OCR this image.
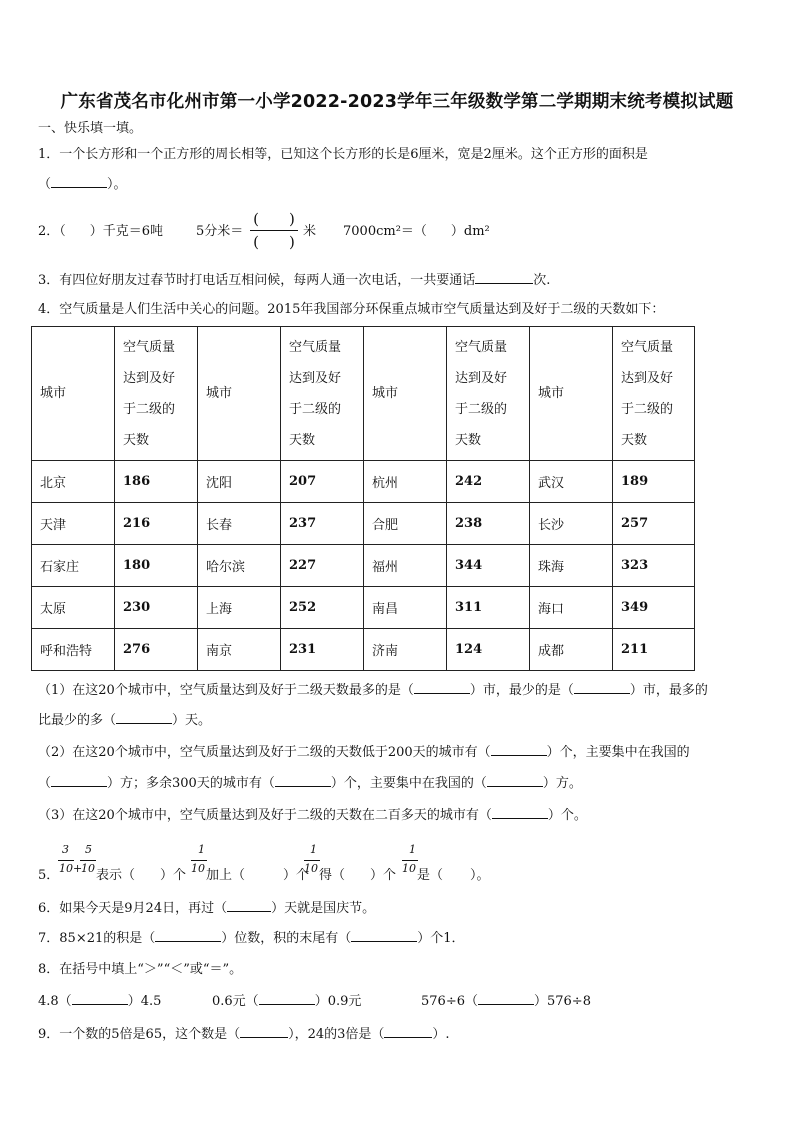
广东省茂名市化州市第一小学2022-2023学年三年级数学第二学期期末统考模拟试题
一、快乐填一填。
1．一个长方形和一个正方形的周长相等，已知这个长方形的长是6厘米，宽是2厘米。这个正方形的面积是
（	）。
2．（ ）千克＝6吨	5分米＝
(　　)
(　　)
米 7000cm²＝（ ）dm²
3．有四位好朋友过春节时打电话互相问候，每两人通一次电话，一共要通话	次.
4．空气质量是人们生活中关心的问题。2015年我国部分环保重点城市空气质量达到及好于二级的天数如下：
城市	空气质量
达到及好
于二级的
天数	城市	空气质量
达到及好
于二级的
天数	城市	空气质量
达到及好
于二级的
天数	城市	空气质量
达到及好
于二级的
天数
北京	186	沈阳	207	杭州	242	武汉	189
天津	216	长春	237	合肥	238	长沙	257
石家庄	180	哈尔滨	227	福州	344	珠海	323
太原	230	上海	252	南昌	311	海口	349
呼和浩特	276	南京	231	济南	124	成都	211
（1）在这20个城市中，空气质量达到及好于二级天数最多的是（	）市，最少的是（	）市，最多的
比最少的多（	）天。
（2）在这20个城市中，空气质量达到及好于二级的天数低于200天的城市有（	）个，主要集中在我国的
（	）方；多余300天的城市有（	）个，主要集中在我国的（	）方。
（3）在这20个城市中，空气质量达到及好于二级的天数在二百多天的城市有（	）个。
5．
3
10 +
5
10 表示（ ）个
1
10 加上（	）个
1
10 得（ ）个
1
10 是（ ）。
6．如果今天是9月24日，再过（	）天就是国庆节。
7．85×21的积是（	）位数，积的末尾有（	）个1．
8．在括号中填上“＞”“＜”或“＝”。
4.8（	）4.5	0.6元（	）0.9元	576÷6（	）576÷8
9．一个数的5倍是65，这个数是（	），24的3倍是（	）.
